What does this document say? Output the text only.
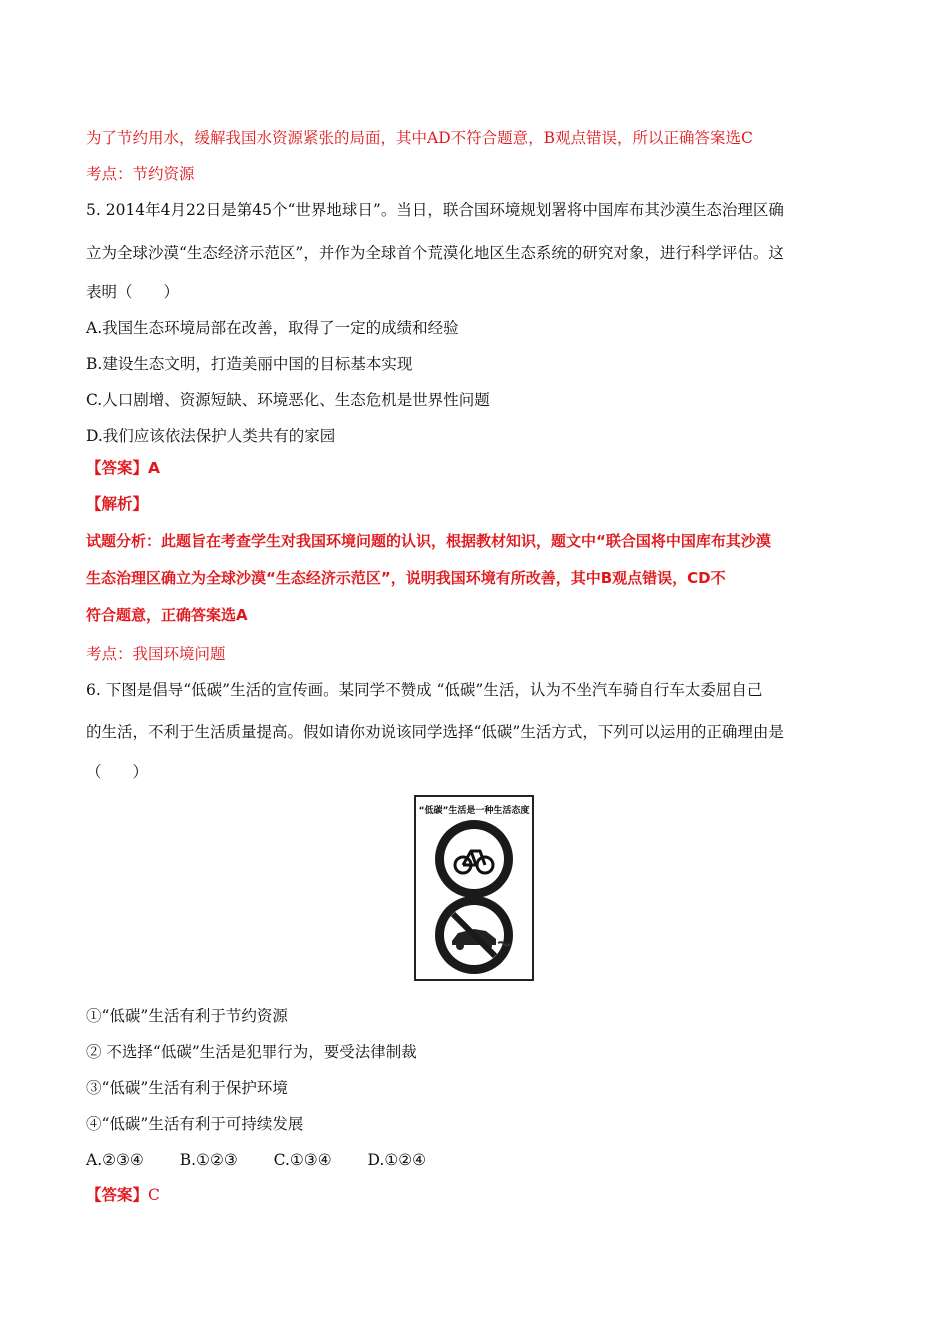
为了节约用水，缓解我国水资源紧张的局面，其中AD不符合题意，B观点错误，所以正确答案选C
考点：节约资源
5. 2014年4月22日是第45个“世界地球日”。当日，联合国环境规划署将中国库布其沙漠生态治理区确
立为全球沙漠“生态经济示范区”，并作为全球首个荒漠化地区生态系统的研究对象，进行科学评估。这
表明（　　）
A.我国生态环境局部在改善，取得了一定的成绩和经验
B.建设生态文明，打造美丽中国的目标基本实现
C.人口剧增、资源短缺、环境恶化、生态危机是世界性问题
D.我们应该依法保护人类共有的家园
【答案】A
【解析】
试题分析：此题旨在考查学生对我国环境问题的认识，根据教材知识，题文中“联合国将中国库布其沙漠
生态治理区确立为全球沙漠“生态经济示范区”，说明我国环境有所改善，其中B观点错误，CD不
符合题意，正确答案选A
考点：我国环境问题
6. 下图是倡导“低碳”生活的宣传画。某同学不赞成 “低碳”生活，认为不坐汽车骑自行车太委屈自己
的生活，不利于生活质量提高。假如请你劝说该同学选择“低碳”生活方式，下列可以运用的正确理由是
（　　）
“低碳”生活是一种生活态度
①“低碳”生活有利于节约资源
② 不选择“低碳”生活是犯罪行为，要受法律制裁
③“低碳”生活有利于保护环境
④“低碳”生活有利于可持续发展
A.②③④　　 B.①②③　　 C.①③④　　 D.①②④
【答案】C
